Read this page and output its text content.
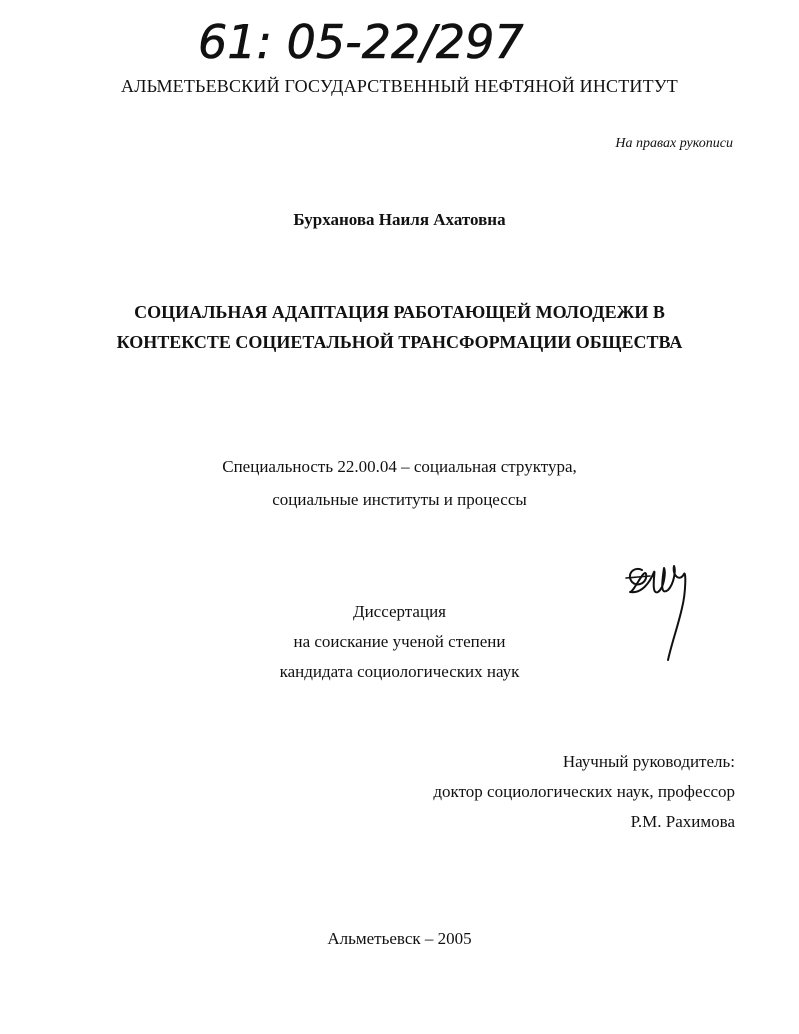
61: 05-22/297
АЛЬМЕТЬЕВСКИЙ ГОСУДАРСТВЕННЫЙ НЕФТЯНОЙ ИНСТИТУТ
На правах рукописи
Бурханова Наиля Ахатовна
СОЦИАЛЬНАЯ АДАПТАЦИЯ РАБОТАЮЩЕЙ МОЛОДЕЖИ В
КОНТЕКСТЕ СОЦИЕТАЛЬНОЙ ТРАНСФОРМАЦИИ ОБЩЕСТВА
Специальность 22.00.04 – социальная структура,
социальные институты и процессы
Диссертация
на соискание ученой степени
кандидата социологических наук
Научный руководитель:
доктор социологических наук, профессор
Р.М. Рахимова
Альметьевск – 2005
